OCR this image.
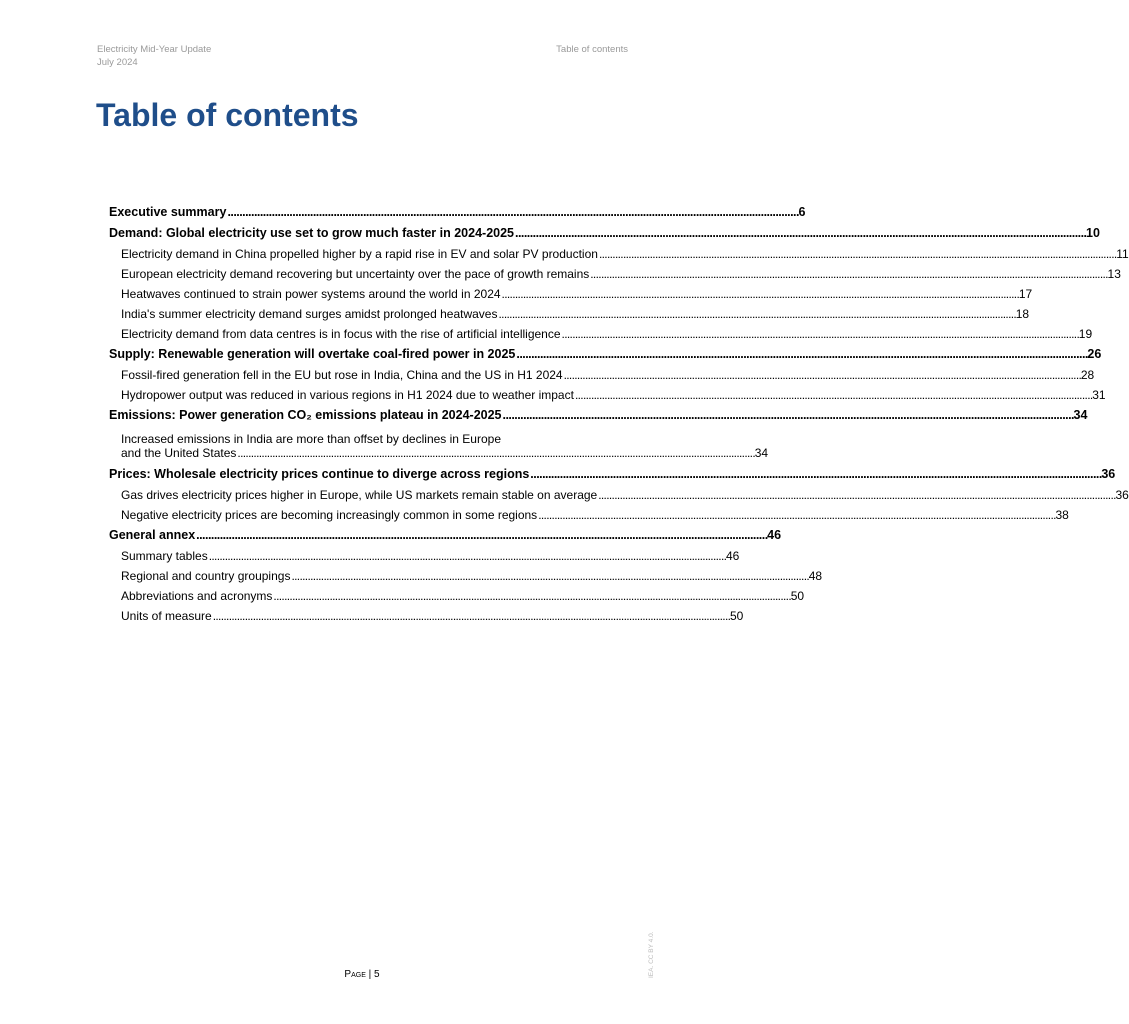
Electricity Mid-Year Update
July 2024
Table of contents
Table of contents
Executive summary . . .	6
Demand: Global electricity use set to grow much faster in 2024-2025 . . .	10
Electricity demand in China propelled higher by a rapid rise in EV and solar PV production . . .	11
European electricity demand recovering but uncertainty over the pace of growth remains . . .	13
Heatwaves continued to strain power systems around the world in 2024 . . .	17
India's summer electricity demand surges amidst prolonged heatwaves . . .	18
Electricity demand from data centres is in focus with the rise of artificial intelligence . . .	19
Supply: Renewable generation will overtake coal-fired power in 2025 . . .	26
Fossil-fired generation fell in the EU but rose in India, China and the US in H1 2024 . . .	28
Hydropower output was reduced in various regions in H1 2024 due to weather impact . . .	31
Emissions: Power generation CO₂ emissions plateau in 2024-2025 . . .	34
Increased emissions in India are more than offset by declines in Europe
and the United States . . .	34
Prices: Wholesale electricity prices continue to diverge across regions . . .	36
Gas drives electricity prices higher in Europe, while US markets remain stable on average . . .	36
Negative electricity prices are becoming increasingly common in some regions . . .	38
General annex . . .	46
Summary tables . . .	46
Regional and country groupings . . .	48
Abbreviations and acronyms . . .	50
Units of measure . . .	50
Page | 5	IEA. CC BY 4.0.
